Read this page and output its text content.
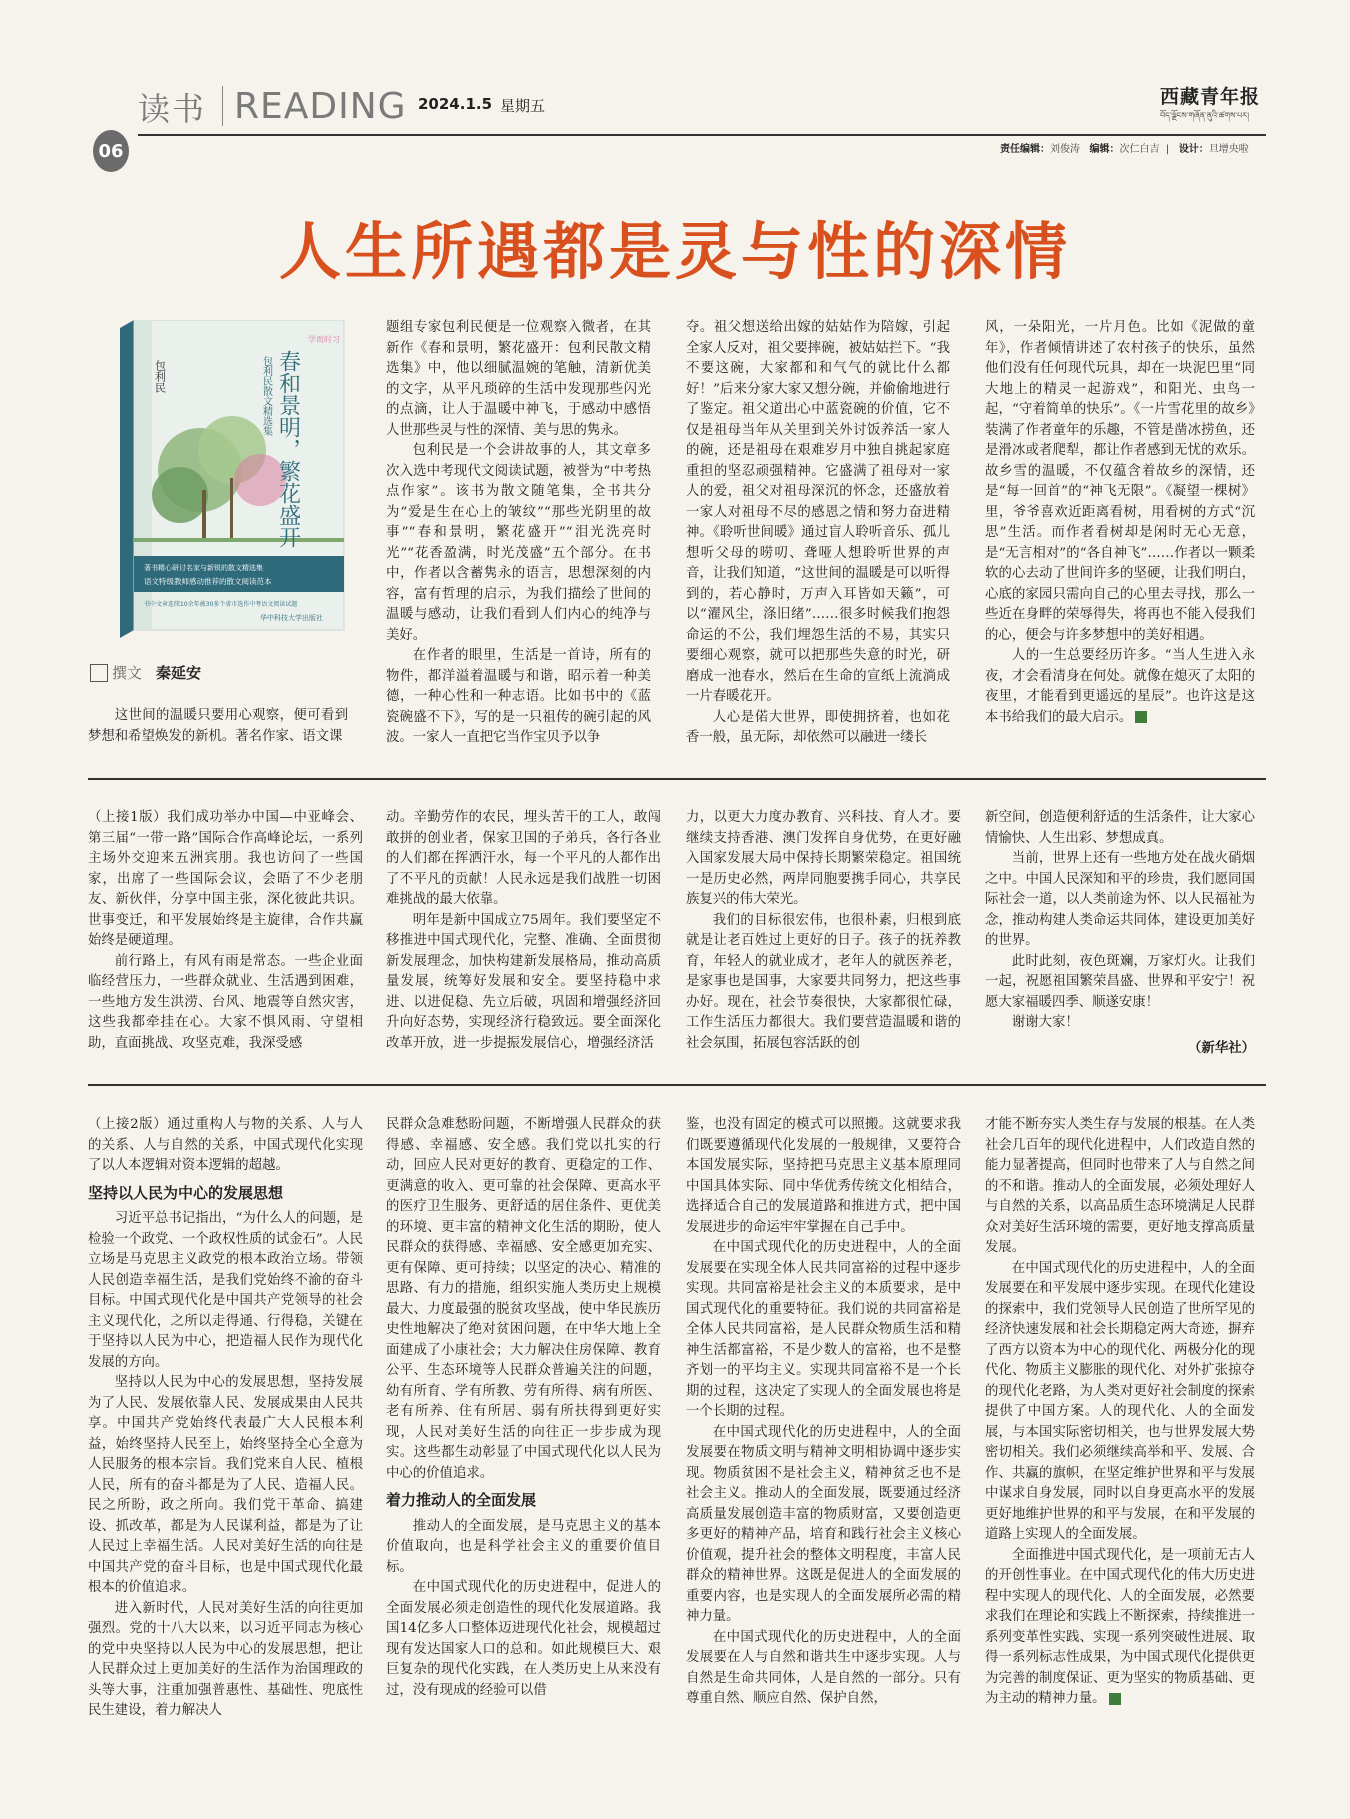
读书 READING 2024.1.5 星期五
06
西藏青年报
བོད་ལྗོངས་གཞོན་ནུའི་ཚགས་པར།
责任编辑：刘俊涛 编辑：次仁白吉  |   设计：旦增央啦
人生所遇都是灵与性的深情
学而时习
春和景明，繁花盛开
包利民散文精选集
包利民
著书精心研讨名家与新锐的散文精选集
语文特级教师感动推荐的散文阅读范本
书中文章连续10余年被30多个省市选作中考语文阅读试题
华中科技大学出版社
撰文 秦延安

这世间的温暖只要用心观察，便可看到梦想和希望焕发的新机。著名作家、语文课

题组专家包利民便是一位观察入微者，在其新作《春和景明，繁花盛开：包利民散文精选集》中，他以细腻温婉的笔触，清新优美的文字，从平凡琐碎的生活中发现那些闪光的点滴，让人于温暖中神飞，于感动中感悟人世那些灵与性的深情、美与思的隽永。

包利民是一个会讲故事的人，其文章多次入选中考现代文阅读试题，被誉为“中考热点作家”。该书为散文随笔集，全书共分为“爱是生在心上的皱纹”“那些光阴里的故事”“春和景明，繁花盛开”“泪光洗亮时光”“花香盈满，时光茂盛”五个部分。在书中，作者以含蓄隽永的语言，思想深刻的内容，富有哲理的启示，为我们描绘了世间的温暖与感动，让我们看到人们内心的纯净与美好。

在作者的眼里，生活是一首诗，所有的物件，都洋溢着温暖与和谐，昭示着一种美德，一种心性和一种志语。比如书中的《蓝瓷碗盛不下》，写的是一只祖传的碗引起的风波。一家人一直把它当作宝贝予以争

夺。祖父想送给出嫁的姑姑作为陪嫁，引起全家人反对，祖父要摔碗，被姑姑拦下。“我不要这碗，大家都和和气气的就比什么都好！”后来分家大家又想分碗，并偷偷地进行了鉴定。祖父道出心中蓝瓷碗的价值，它不仅是祖母当年从关里到关外讨饭养活一家人的碗，还是祖母在艰难岁月中独自挑起家庭重担的坚忍顽强精神。它盛满了祖母对一家人的爱，祖父对祖母深沉的怀念，还盛放着一家人对祖母不尽的感恩之情和努力奋进精神。《聆听世间暖》通过盲人聆听音乐、孤儿想听父母的唠叨、聋哑人想聆听世界的声音，让我们知道，“这世间的温暖是可以听得到的，若心静时，万声入耳皆如天籁”，可以“濯风尘，涤旧绪”……很多时候我们抱怨命运的不公，我们埋怨生活的不易，其实只要细心观察，就可以把那些失意的时光，研磨成一池春水，然后在生命的宣纸上流淌成一片春暖花开。

人心是偌大世界，即使拥挤着，也如花香一般，虽无际，却依然可以融进一缕长

风，一朵阳光，一片月色。比如《泥做的童年》，作者倾情讲述了农村孩子的快乐，虽然他们没有任何现代玩具，却在一块泥巴里“同大地上的精灵一起游戏”，和阳光、虫鸟一起，“守着简单的快乐”。《一片雪花里的故乡》装满了作者童年的乐趣，不管是凿冰捞鱼，还是滑冰或者爬犁，都让作者感到无忧的欢乐。故乡雪的温暖，不仅蕴含着故乡的深情，还是“每一回首”的“神飞无限”。《凝望一棵树》里，爷爷喜欢近距离看树，用看树的方式“沉思”生活。而作者看树却是闲时无心无意，是“无言相对”的“各自神飞”……作者以一颗柔软的心去动了世间许多的坚硬，让我们明白，心底的家园只需向自己的心里去寻找，那么一些近在身畔的荣辱得失，将再也不能入侵我们的心，便会与许多梦想中的美好相遇。

人的一生总要经历许多。“当人生进入永夜，才会看清身在何处。就像在熄灭了太阳的夜里，才能看到更遥远的星辰”。也许这是这本书给我们的最大启示。

（上接1版）我们成功举办中国—中亚峰会、第三届“一带一路”国际合作高峰论坛，一系列主场外交迎来五洲宾朋。我也访问了一些国家，出席了一些国际会议，会晤了不少老朋友、新伙伴，分享中国主张，深化彼此共识。世事变迁，和平发展始终是主旋律，合作共赢始终是硬道理。

前行路上，有风有雨是常态。一些企业面临经营压力，一些群众就业、生活遇到困难，一些地方发生洪涝、台风、地震等自然灾害，这些我都牵挂在心。大家不惧风雨、守望相助，直面挑战、攻坚克难，我深受感

动。辛勤劳作的农民，埋头苦干的工人，敢闯敢拼的创业者，保家卫国的子弟兵，各行各业的人们都在挥洒汗水，每一个平凡的人都作出了不平凡的贡献！人民永远是我们战胜一切困难挑战的最大依靠。

明年是新中国成立75周年。我们要坚定不移推进中国式现代化，完整、准确、全面贯彻新发展理念，加快构建新发展格局，推动高质量发展，统筹好发展和安全。要坚持稳中求进、以进促稳、先立后破，巩固和增强经济回升向好态势，实现经济行稳致远。要全面深化改革开放，进一步提振发展信心，增强经济活

力，以更大力度办教育、兴科技、育人才。要继续支持香港、澳门发挥自身优势，在更好融入国家发展大局中保持长期繁荣稳定。祖国统一是历史必然，两岸同胞要携手同心，共享民族复兴的伟大荣光。

我们的目标很宏伟，也很朴素，归根到底就是让老百姓过上更好的日子。孩子的抚养教育，年轻人的就业成才，老年人的就医养老，是家事也是国事，大家要共同努力，把这些事办好。现在，社会节奏很快，大家都很忙碌，工作生活压力都很大。我们要营造温暖和谐的社会氛围，拓展包容活跃的创

新空间，创造便利舒适的生活条件，让大家心情愉快、人生出彩、梦想成真。

当前，世界上还有一些地方处在战火硝烟之中。中国人民深知和平的珍贵，我们愿同国际社会一道，以人类前途为怀、以人民福祉为念，推动构建人类命运共同体，建设更加美好的世界。

此时此刻，夜色斑斓，万家灯火。让我们一起，祝愿祖国繁荣昌盛、世界和平安宁！祝愿大家福暖四季、顺遂安康！

谢谢大家！

（新华社）

（上接2版）通过重构人与物的关系、人与人的关系、人与自然的关系，中国式现代化实现了以人本逻辑对资本逻辑的超越。

坚持以人民为中心的发展思想

习近平总书记指出，“为什么人的问题，是检验一个政党、一个政权性质的试金石”。人民立场是马克思主义政党的根本政治立场。带领人民创造幸福生活，是我们党始终不渝的奋斗目标。中国式现代化是中国共产党领导的社会主义现代化，之所以走得通、行得稳，关键在于坚持以人民为中心，把造福人民作为现代化发展的方向。

坚持以人民为中心的发展思想，坚持发展为了人民、发展依靠人民、发展成果由人民共享。中国共产党始终代表最广大人民根本利益，始终坚持人民至上，始终坚持全心全意为人民服务的根本宗旨。我们党来自人民、植根人民，所有的奋斗都是为了人民、造福人民。民之所盼，政之所向。我们党干革命、搞建设、抓改革，都是为人民谋利益，都是为了让人民过上幸福生活。人民对美好生活的向往是中国共产党的奋斗目标，也是中国式现代化最根本的价值追求。

进入新时代，人民对美好生活的向往更加强烈。党的十八大以来，以习近平同志为核心的党中央坚持以人民为中心的发展思想，把让人民群众过上更加美好的生活作为治国理政的头等大事，注重加强普惠性、基础性、兜底性民生建设，着力解决人

民群众急难愁盼问题，不断增强人民群众的获得感、幸福感、安全感。我们党以扎实的行动，回应人民对更好的教育、更稳定的工作、更满意的收入、更可靠的社会保障、更高水平的医疗卫生服务、更舒适的居住条件、更优美的环境、更丰富的精神文化生活的期盼，使人民群众的获得感、幸福感、安全感更加充实、更有保障、更可持续；以坚定的决心、精准的思路、有力的措施，组织实施人类历史上规模最大、力度最强的脱贫攻坚战，使中华民族历史性地解决了绝对贫困问题，在中华大地上全面建成了小康社会；大力解决住房保障、教育公平、生态环境等人民群众普遍关注的问题，幼有所育、学有所教、劳有所得、病有所医、老有所养、住有所居、弱有所扶得到更好实现，人民对美好生活的向往正一步步成为现实。这些都生动彰显了中国式现代化以人民为中心的价值追求。

着力推动人的全面发展

推动人的全面发展，是马克思主义的基本价值取向，也是科学社会主义的重要价值目标。

在中国式现代化的历史进程中，促进人的全面发展必须走创造性的现代化发展道路。我国14亿多人口整体迈进现代化社会，规模超过现有发达国家人口的总和。如此规模巨大、艰巨复杂的现代化实践，在人类历史上从来没有过，没有现成的经验可以借

鉴，也没有固定的模式可以照搬。这就要求我们既要遵循现代化发展的一般规律，又要符合本国发展实际，坚持把马克思主义基本原理同中国具体实际、同中华优秀传统文化相结合，选择适合自己的发展道路和推进方式，把中国发展进步的命运牢牢掌握在自己手中。

在中国式现代化的历史进程中，人的全面发展要在实现全体人民共同富裕的过程中逐步实现。共同富裕是社会主义的本质要求，是中国式现代化的重要特征。我们说的共同富裕是全体人民共同富裕，是人民群众物质生活和精神生活都富裕，不是少数人的富裕，也不是整齐划一的平均主义。实现共同富裕不是一个长期的过程，这决定了实现人的全面发展也将是一个长期的过程。

在中国式现代化的历史进程中，人的全面发展要在物质文明与精神文明相协调中逐步实现。物质贫困不是社会主义，精神贫乏也不是社会主义。推动人的全面发展，既要通过经济高质量发展创造丰富的物质财富，又要创造更多更好的精神产品，培育和践行社会主义核心价值观，提升社会的整体文明程度，丰富人民群众的精神世界。这既是促进人的全面发展的重要内容，也是实现人的全面发展所必需的精神力量。

在中国式现代化的历史进程中，人的全面发展要在人与自然和谐共生中逐步实现。人与自然是生命共同体，人是自然的一部分。只有尊重自然、顺应自然、保护自然，

才能不断夯实人类生存与发展的根基。在人类社会几百年的现代化进程中，人们改造自然的能力显著提高，但同时也带来了人与自然之间的不和谐。推动人的全面发展，必须处理好人与自然的关系，以高品质生态环境满足人民群众对美好生活环境的需要，更好地支撑高质量发展。

在中国式现代化的历史进程中，人的全面发展要在和平发展中逐步实现。在现代化建设的探索中，我们党领导人民创造了世所罕见的经济快速发展和社会长期稳定两大奇迹，摒弃了西方以资本为中心的现代化、两极分化的现代化、物质主义膨胀的现代化、对外扩张掠夺的现代化老路，为人类对更好社会制度的探索提供了中国方案。人的现代化、人的全面发展，与本国实际密切相关，也与世界发展大势密切相关。我们必须继续高举和平、发展、合作、共赢的旗帜，在坚定维护世界和平与发展中谋求自身发展，同时以自身更高水平的发展更好地维护世界的和平与发展，在和平发展的道路上实现人的全面发展。

全面推进中国式现代化，是一项前无古人的开创性事业。在中国式现代化的伟大历史进程中实现人的现代化、人的全面发展，必然要求我们在理论和实践上不断探索，持续推进一系列变革性实践、实现一系列突破性进展、取得一系列标志性成果，为中国式现代化提供更为完善的制度保证、更为坚实的物质基础、更为主动的精神力量。
